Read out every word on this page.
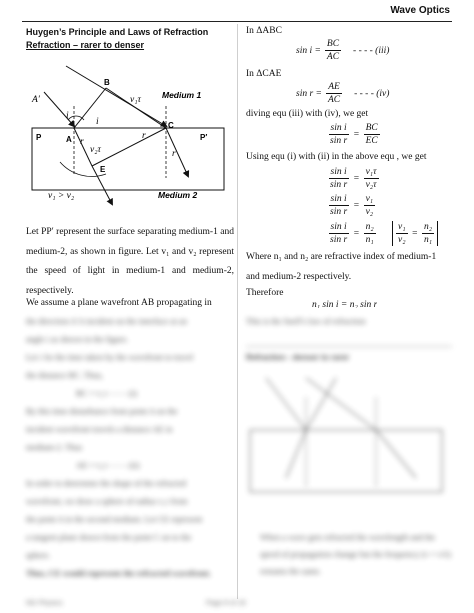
Wave Optics
Huygen’s Principle and Laws of Refraction
Refraction – rarer to denser
A′
B
A
C
E
P	P′
i
i
r
r
r
v₁τ
v₂τ
Medium 1
Medium 2
v₁ > v₂
Let PP′ represent the surface separating medium-1 and medium-2, as shown in figure. Let v₁ and v₂ represent the speed of light in medium-1 and medium-2, respectively.
We assume a plane wavefront AB propagating in
the direction A′A incident on the interface at an
angle i as shown in the figure.
Let τ be the time taken by the wavefront to travel
the distance BC. Thus,
BC = v₁τ - - - - (i)
By this time disturbance from point A on the
incident wavefront travels a distance AE in
medium-2. Thus
AE = v₂τ - - - - (ii)
In order to determine the shape of the refracted
wavefront, we draw a sphere of radius v₂τ from
the point A in the second medium. Let CE represent
a tangent plane drawn from the point C on to the
sphere.
Thus, CE would represent the refracted wavefront.
In ΔABC
$\sin i = \frac{BC}{AC}$ - - - - (iii)
In ΔCAE
$\sin r = \frac{AE}{AC}$ - - - - (iv)
diving equ (iii) with (iv), we get
$\frac{\text{sin i}}{\text{sin r}} = \frac{BC}{EC}$
Using equ (i) with (ii) in the above equ , we get
$\frac{\text{sin i}}{\text{sin r}} = \frac{\text{v₁τ}}{\text{v₂τ}}$
$\frac{\text{sin i}}{\text{sin r}} = \frac{\text{v₁}}{\text{v₂}}$
$\frac{\text{sin i}}{\text{sin r}} = \frac{\text{n₂}}{\text{n₁}} \frac{\text{v₁}}{\text{v₂}} = \frac{\text{n₂}}{\text{n₁}}$
Where n₁ and n₂ are refractive index of medium-1 and medium-2 respectively.
Therefore
n₁ sin i = n₂ sin r
This is the Snell’s law of refraction
Refraction - denser to rarer
When a wave gets refracted the wavelength and the speed of propagation change but the frequency (v = v/λ) remains the same.
NG Physics	Page 8 of 18
